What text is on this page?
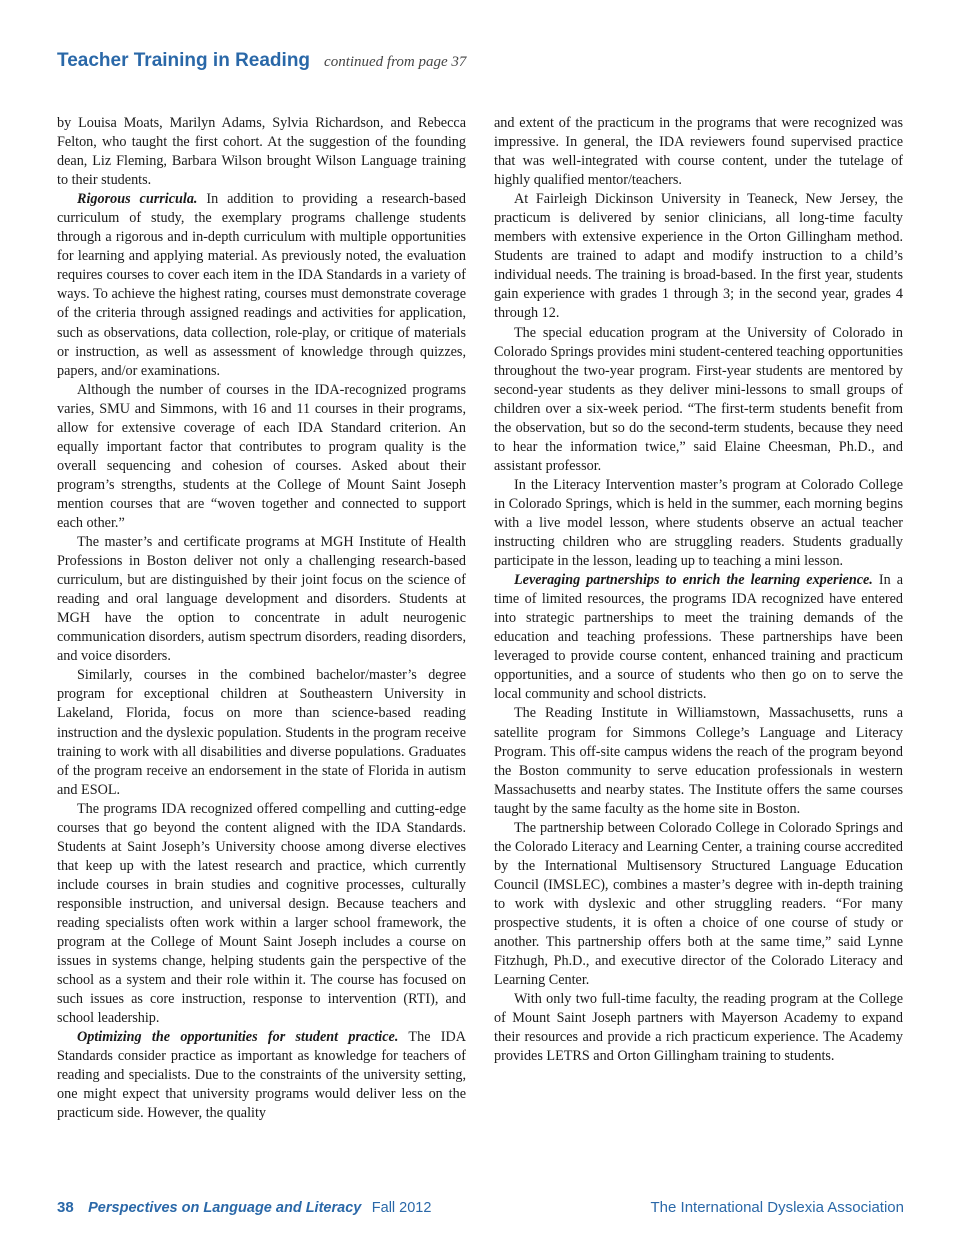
Teacher Training in Reading continued from page 37

by Louisa Moats, Marilyn Adams, Sylvia Richardson, and Rebecca Felton, who taught the first cohort. At the suggestion of the founding dean, Liz Fleming, Barbara Wilson brought Wilson Language training to their students.

Rigorous curricula. In addition to providing a research-based curriculum of study, the exemplary programs challenge students through a rigorous and in-depth curriculum with multiple opportunities for learning and applying material. As previously noted, the evaluation requires courses to cover each item in the IDA Standards in a variety of ways. To achieve the highest rating, courses must demonstrate coverage of the criteria through assigned readings and activities for application, such as observations, data collection, role-play, or critique of materials or instruction, as well as assessment of knowledge through quizzes, papers, and/or examinations.

Although the number of courses in the IDA-recognized programs varies, SMU and Simmons, with 16 and 11 courses in their programs, allow for extensive coverage of each IDA Standard criterion. An equally important factor that contributes to program quality is the overall sequencing and cohesion of courses. Asked about their program’s strengths, students at the College of Mount Saint Joseph mention courses that are “woven together and connected to support each other.”

The master’s and certificate programs at MGH Institute of Health Professions in Boston deliver not only a challenging research-based curriculum, but are distinguished by their joint focus on the science of reading and oral language development and disorders. Students at MGH have the option to concentrate in adult neurogenic communication disorders, autism spectrum disorders, reading disorders, and voice disorders.

Similarly, courses in the combined bachelor/master’s degree program for exceptional children at Southeastern University in Lakeland, Florida, focus on more than science-based reading instruction and the dyslexic population. Students in the program receive training to work with all disabilities and diverse populations. Graduates of the program receive an endorsement in the state of Florida in autism and ESOL.

The programs IDA recognized offered compelling and cutting-edge courses that go beyond the content aligned with the IDA Standards. Students at Saint Joseph’s University choose among diverse electives that keep up with the latest research and practice, which currently include courses in brain studies and cognitive processes, culturally responsible instruction, and universal design. Because teachers and reading specialists often work within a larger school framework, the program at the College of Mount Saint Joseph includes a course on issues in systems change, helping students gain the perspective of the school as a system and their role within it. The course has focused on such issues as core instruction, response to intervention (RTI), and school leadership.

Optimizing the opportunities for student practice. The IDA Standards consider practice as important as knowledge for teachers of reading and specialists. Due to the constraints of the university setting, one might expect that university programs would deliver less on the practicum side. However, the quality

and extent of the practicum in the programs that were recognized was impressive. In general, the IDA reviewers found supervised practice that was well-integrated with course content, under the tutelage of highly qualified mentor/teachers.

At Fairleigh Dickinson University in Teaneck, New Jersey, the practicum is delivered by senior clinicians, all long-time faculty members with extensive experience in the Orton Gillingham method. Students are trained to adapt and modify instruction to a child’s individual needs. The training is broad-based. In the first year, students gain experience with grades 1 through 3; in the second year, grades 4 through 12.

The special education program at the University of Colorado in Colorado Springs provides mini student-centered teaching opportunities throughout the two-year program. First-year students are mentored by second-year students as they deliver mini-lessons to small groups of children over a six-week period. “The first-term students benefit from the observation, but so do the second-term students, because they need to hear the information twice,” said Elaine Cheesman, Ph.D., and assistant professor.

In the Literacy Intervention master’s program at Colorado College in Colorado Springs, which is held in the summer, each morning begins with a live model lesson, where students observe an actual teacher instructing children who are struggling readers. Students gradually participate in the lesson, leading up to teaching a mini lesson.

Leveraging partnerships to enrich the learning experience. In a time of limited resources, the programs IDA recognized have entered into strategic partnerships to meet the training demands of the education and teaching professions. These partnerships have been leveraged to provide course content, enhanced training and practicum opportunities, and a source of students who then go on to serve the local community and school districts.

The Reading Institute in Williamstown, Massachusetts, runs a satellite program for Simmons College’s Language and Literacy Program. This off-site campus widens the reach of the program beyond the Boston community to serve education professionals in western Massachusetts and nearby states. The Institute offers the same courses taught by the same faculty as the home site in Boston.

The partnership between Colorado College in Colorado Springs and the Colorado Literacy and Learning Center, a training course accredited by the International Multisensory Structured Language Education Council (IMSLEC), combines a master’s degree with in-depth training to work with dyslexic and other struggling readers. “For many prospective students, it is often a choice of one course of study or another. This partnership offers both at the same time,” said Lynne Fitzhugh, Ph.D., and executive director of the Colorado Literacy and Learning Center.

With only two full-time faculty, the reading program at the College of Mount Saint Joseph partners with Mayerson Academy to expand their resources and provide a rich practicum experience. The Academy provides LETRS and Orton Gillingham training to students.

38 Perspectives on Language and Literacy Fall 2012	The International Dyslexia Association
